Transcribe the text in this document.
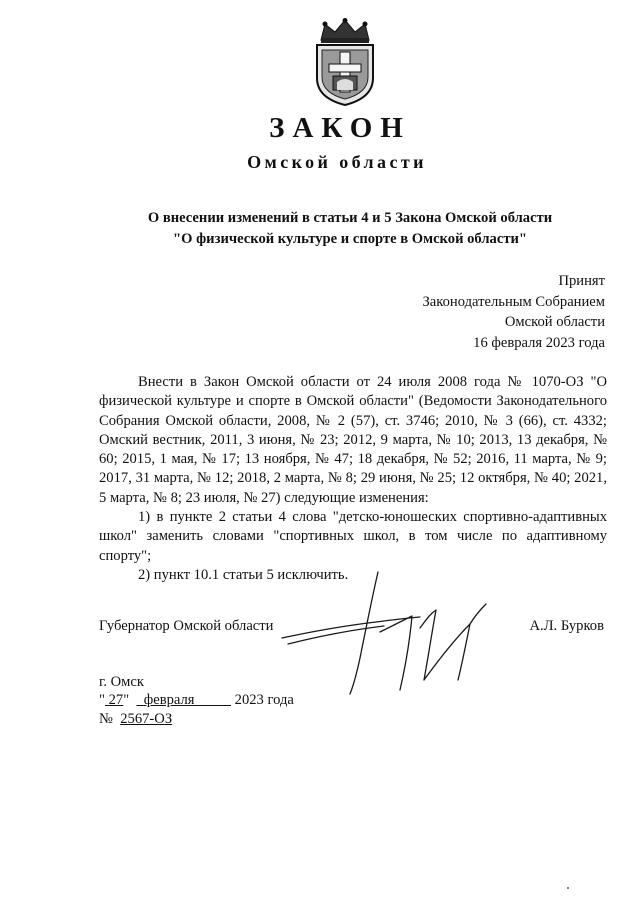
ЗАКОН
Омской области
О внесении изменений в статьи 4 и 5 Закона Омской области
"О физической культуре и спорте в Омской области"
Принят
Законодательным Собранием
Омской области
16 февраля 2023 года

Внести в Закон Омской области от 24 июля 2008 года № 1070-ОЗ "О физической культуре и спорте в Омской области" (Ведомости Законодательного Собрания Омской области, 2008, № 2 (57), ст. 3746; 2010, № 3 (66), ст. 4332; Омский вестник, 2011, 3 июня, № 23; 2012, 9 марта, № 10; 2013, 13 декабря, № 60; 2015, 1 мая, № 17; 13 ноября, № 47; 18 декабря, № 52; 2016, 11 марта, № 9; 2017, 31 марта, № 12; 2018, 2 марта, № 8; 29 июня, № 25; 12 октября, № 40; 2021, 5 марта, № 8; 23 июля, № 27) следующие изменения:

1) в пункте 2 статьи 4 слова "детско-юношеских спортивно-адаптивных школ" заменить словами "спортивных школ, в том числе по адаптивному спорту";

2) пункт 10.1 статьи 5 исключить.

Губернатор Омской области	А.Л. Бурков
г. Омск
" 27" февраля	2023 года
№ 2567-ОЗ
